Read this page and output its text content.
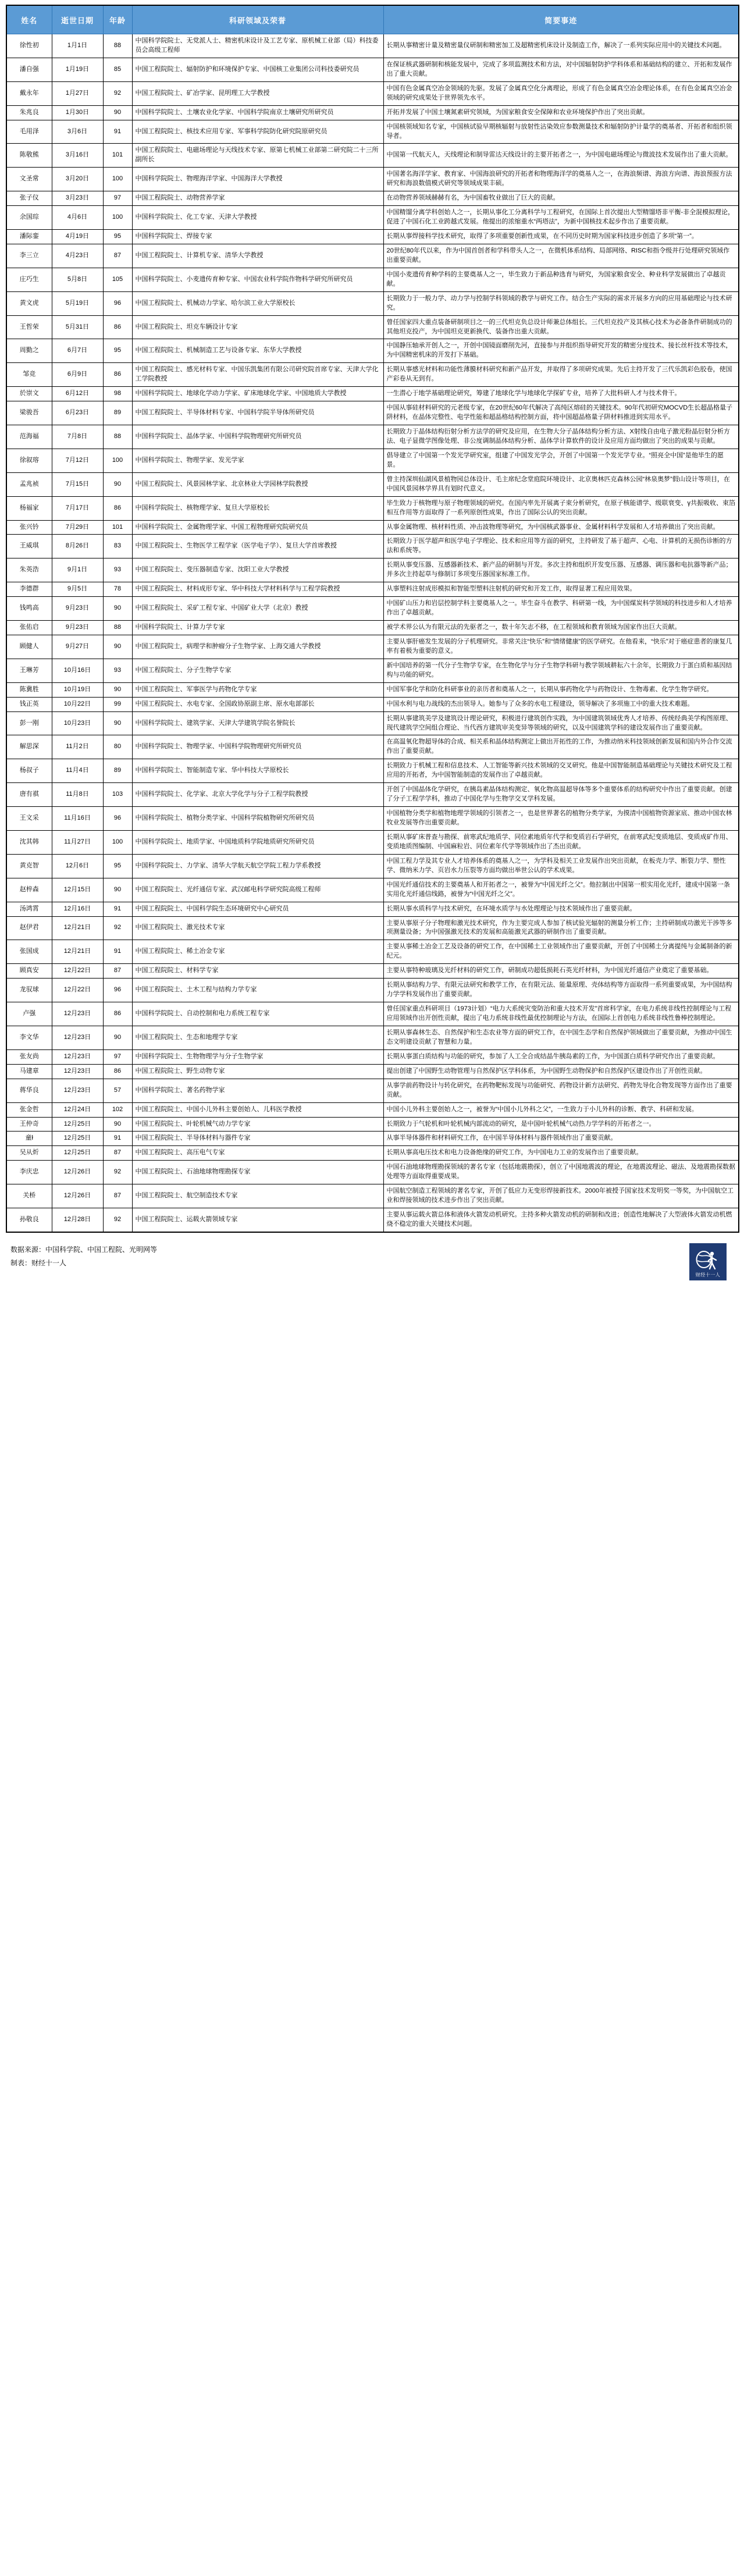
姓名	逝世日期	年龄	科研领域及荣誉	简要事迹
徐性初	1月1日	88	中国科学院院士、无党派人士、精密机床设计及工艺专家、原机械工业部（局）科技委员会高级工程师	长期从事精密计量及精密量仪研制和精密加工及超精密机床设计及制造工作，解决了一系列实际应用中的关键技术问题。
潘自强	1月19日	85	中国工程院院士、辐射防护和环境保护专家、中国核工业集团公司科技委研究员	在保证核武器研制和核能发展中，完成了多项监测技术和方法，对中国辐射防护学科体系和基础结构的建立、开拓和发展作出了重大贡献。
戴永年	1月27日	92	中国工程院院士、矿冶学家、昆明理工大学教授	中国有色金属真空冶金领域的先驱。发展了金属真空化分离理论，形成了有色金属真空冶金理论体系，在有色金属真空冶金领域的研究成果处于世界领先水平。
朱兆良	1月30日	90	中国科学院院士、土壤农业化学家、中国科学院南京土壤研究所研究员	开拓并发展了中国土壤氮素研究领域，为国家粮食安全保障和农业环境保护作出了突出贡献。
毛用泽	3月6日	91	中国工程院院士、核技术应用专家、军事科学院防化研究院原研究员	中国核领域知名专家，中国核试验早期核辐射与放射性沾染效应参数测量技术和辐射防护计量学的奠基者、开拓者和组织领导者。
陈敬熊	3月16日	101	中国工程院院士、电磁场理论与天线技术专家、原第七机械工业部第二研究院二十三所副所长	中国第一代航天人，天线理论和制导雷达天线设计的主要开拓者之一，为中国电磁场理论与微波技术发展作出了重大贡献。
文圣常	3月20日	100	中国科学院院士、物理海洋学家、中国海洋大学教授	中国著名海洋学家、教育家、中国海浪研究的开拓者和物理海洋学的奠基人之一，在海浪频谱、海浪方向谱、海浪预报方法研究和海浪数值模式研究等领域成果丰硕。
张子仪	3月23日	97	中国工程院院士、动物营养学家	在动物营养领域赫赫有名，为中国畜牧业做出了巨大的贡献。
余国琮	4月6日	100	中国科学院院士、化工专家、天津大学教授	中国精馏分离学科创始人之一，长期从事化工分离科学与工程研究，在国际上首次提出大型精馏塔非平衡-非全混模拟理论，促进了中国石化工业跨越式发展。他提出的浓缩重水“两塔法”，为新中国核技术起步作出了重要贡献。
潘际銮	4月19日	95	中国科学院院士、焊接专家	长期从事焊接科学技术研究，取得了多项重要创新性成果，在不同历史时期为国家科技进步创造了多项“第一”。
李三立	4月23日	87	中国工程院院士、计算机专家、清华大学教授	20世纪80年代以来，作为中国首创者和学科带头人之一，在微机体系结构、局部网络、RISC和指令级并行处理研究领域作出重要贡献。
庄巧生	5月8日	105	中国科学院院士、小麦遗传育种专家、中国农业科学院作物科学研究所研究员	中国小麦遗传育种学科的主要奠基人之一，毕生致力于新品种选育与研究，为国家粮食安全、种业科学发展做出了卓越贡献。
黄文虎	5月19日	96	中国工程院院士、机械动力学家、哈尔滨工业大学原校长	长期致力于一般力学、动力学与控制学科领域的教学与研究工作。结合生产实际的需求开展多方向的应用基础理论与技术研究。
王哲荣	5月31日	86	中国工程院院士、坦克车辆设计专家	曾任国家四大重点装备研制项目之一的三代坦克负总设计师兼总体组长。三代坦克投产及其核心技术为必备条件研制成功的其他坦克投产，为中国坦克更新换代、装备作出重大贡献。
周勤之	6月7日	95	中国工程院院士、机械制造工艺与设备专家、东华大学教授	中国静压轴承开创人之一，开创中国镜面磨削先河，直接参与并组织指导研究开发的精密分度技术、接长丝杆技术等技术，为中国精密机床的开发打下基础。
邹竞	6月9日	86	中国工程院院士、感光材料专家、中国乐凯集团有限公司研究院首席专家、天津大学化工学院教授	长期从事感光材料和功能性薄膜材料研究和新产品开发，并取得了多项研究成果。先后主持开发了三代乐凯彩色胶卷，使国产彩卷从无到有。
於崇文	6月12日	98	中国科学院院士、地球化学动力学家、矿床地球化学家、中国地质大学教授	一生潜心于地学基础理论研究，筹建了地球化学与地球化学探矿专业，培养了大批科研人才与技术骨干。
梁骏吾	6月23日	89	中国工程院院士、半导体材料专家、中国科学院半导体所研究员	中国从事硅材料研究的元老级专家，在20世纪60年代解决了高纯区熔硅的关键技术。90年代初研究MOCVD生长超晶格量子阱材料，在晶体完整性、电学性能和超晶格结构控制方面，将中国超晶格量子阱材料推进到实用水平。
范海福	7月8日	88	中国科学院院士、晶体学家、中国科学院物理研究所研究员	长期致力于晶体结构衍射分析方法学的研究及应用，在生物大分子晶体结构分析方法、X射线自由电子激光粉晶衍射分析方法、电子显微学图像处理、非公度调制晶体结构分析、晶体学计算软件的设计及应用方面均做出了突出的成果与贡献。
徐叙瑢	7月12日	100	中国科学院院士、物理学家、发光学家	倡导建立了中国第一个发光学研究室，组建了中国发光学会，开创了中国第一个发光学专业。“照亮全中国”是他毕生的愿景。
孟兆祯	7月15日	90	中国工程院院士、风景园林学家、北京林业大学园林学院教授	曾主持深圳仙湖风景植物园总体设计、毛主席纪念堂庭院环境设计、北京奥林匹克森林公园“林泉奥梦”假山设计等项目，在中国风景园林学界具有划时代意义。
杨福家	7月17日	86	中国科学院院士、核物理学家、复旦大学原校长	毕生致力于核物理与原子物理领域的研究。在国内率先开展离子束分析研究，在原子核能谱学、级联衰变、γ共振吸收、束箔相互作用等方面取得了一系列原创性成果，作出了国际公认的突出贡献。
张兴钤	7月29日	101	中国科学院院士、金属物理学家、中国工程物理研究院研究员	从事金属物理、核材料性质、冲击波物理等研究，为中国核武器事业、金属材料科学发展和人才培养做出了突出贡献。
王威琪	8月26日	83	中国工程院院士、生物医学工程学家（医学电子学）、复旦大学首席教授	长期致力于医学超声和医学电子学理论、技术和应用等方面的研究，主持研发了基于超声、心电、计算机的无损伤诊断的方法和系统等。
朱英浩	9月1日	93	中国工程院院士、变压器制造专家、沈阳工业大学教授	长期从事变压器、互感器新技术、新产品的研制与开发。多次主持和组织开发变压器、互感器、调压器和电抗器等新产品；并多次主持起草与修制订多项变压器国家标准工作。
李德群	9月5日	78	中国工程院院士、材料成形专家、华中科技大学材料科学与工程学院教授	从事塑料注射成形模拟和智能型塑料注射机的研究和开发工作，取得显著工程应用效果。
钱鸣高	9月23日	90	中国工程院院士、采矿工程专家、中国矿业大学（北京）教授	中国矿山压力和岩层控制学科主要奠基人之一。毕生奋斗在教学、科研第一线，为中国煤炭科学领域的科技进步和人才培养作出了卓越贡献。
张佑启	9月23日	88	中国科学院院士、计算力学专家	被学术界公认为有限元法的先驱者之一，数十年矢志不移，在工程领域和教育领域为国家作出巨大贡献。
顾健人	9月27日	90	中国工程院院士，病理学和肿瘤分子生物学家、上海交通大学教授	主要从事肝癌发生发展的分子机理研究。非常关注“快乐”和“情绪健康”的医学研究。在他看来，“快乐”对于癌症患者的康复几率有着极为重要的意义。
王琳芳	10月16日	93	中国工程院院士、分子生物学专家	新中国培养的第一代分子生物学专家，在生物化学与分子生物学科研与教学领域耕耘六十余年，长期致力于蛋白质和基因结构与功能的研究。
陈冀胜	10月19日	90	中国工程院院士、军事医学与药物化学专家	中国军事化学和防化科研事业的亲历者和奠基人之一，长期从事药物化学与药物设计、生物毒素、化学生物学研究。
钱正英	10月22日	99	中国工程院院士、水电专家、全国政协原副主席、原水电部部长	中国水利与电力战线的杰出领导人。她参与了众多的水电工程建设，领导解决了多项施工中的重大技术难题。
彭一刚	10月23日	90	中国科学院院士、建筑学家、天津大学建筑学院名誉院长	长期从事建筑美学及建筑设计理论研究，积极进行建筑创作实践，为中国建筑领域优秀人才培养、传统经典美学构图原理、现代建筑学空间组合理论、当代西方建筑审美变异等领域的研究，以及中国建筑学科的建设发展作出了重要贡献。
解思深	11月2日	80	中国科学院院士、物理学家、中国科学院物理研究所研究员	在高温氧化物超导体的合成、相关系和晶体结构测定上做出开拓性的工作，为推动纳米科技领域创新发展和国内外合作交流作出了重要贡献。
杨叔子	11月4日	89	中国科学院院士、智能制造专家、华中科技大学原校长	长期致力于机械工程和信息技术、人工智能等新兴技术领域的交叉研究。他是中国智能制造基础理论与关键技术研究及工程应用的开拓者，为中国智能制造的发展作出了卓越贡献。
唐有祺	11月8日	103	中国科学院院士、化学家、北京大学化学与分子工程学院教授	开创了中国晶体化学研究，在胰岛素晶体结构测定、氧化物高温超导体等多个重要体系的结构研究中作出了重要贡献。创建了分子工程学学科，推动了中国化学与生物学交叉学科发展。
王文采	11月16日	96	中国科学院院士、植物分类学家、中国科学院植物研究所研究员	中国植物分类学和植物地理学领域的引领者之一，也是世界著名的植物分类学家，为摸清中国植物资源家底、推动中国农林牧业发展等作出重要贡献。
沈其韩	11月27日	100	中国科学院院士、地质学家、中国地质科学院地质研究所研究员	长期从事矿床普查与勘探、前寒武纪地质学、同位素地质年代学和变质岩石学研究，在前寒武纪变质地层、变质成矿作用、变质地质图编制、中国麻粒岩、同位素年代学等领域作出了杰出贡献。
黄克智	12月6日	95	中国科学院院士、力学家、清华大学航天航空学院工程力学系教授	中国工程力学及其专业人才培养体系的奠基人之一，为学科及相关工业发展作出突出贡献，在板壳力学、断裂力学、塑性学、微纳米力学、页岩水力压裂等方面均做出举世公认的学术成果。
赵梓森	12月15日	90	中国工程院院士、光纤通信专家、武汉邮电科学研究院高级工程师	中国光纤通信技术的主要奠基人和开拓者之一，被誉为“中国光纤之父”。他拉制出中国第一根实用化光纤，建成中国第一条实用化光纤通信线路，被誉为“中国光纤之父”。
汤鸿霄	12月16日	91	中国工程院院士、中国科学院生态环境研究中心研究员	长期从事水质科学与技术研究，在环境水质学与水处理理论与技术领域作出了重要贡献。
赵伊君	12月21日	92	中国工程院院士、激光技术专家	主要从事原子分子物理和激光技术研究，作为主要完成人参加了核试验光辐射的测量分析工作；主持研制成功激光干涉等多项测量设备；为中国强激光技术的发展和高能激光武器的研制作出了重要贡献。
张国成	12月21日	91	中国工程院院士、稀土冶金专家	主要从事稀土冶金工艺及设备的研究工作，在中国稀土工业领域作出了重要贡献，开创了中国稀土分离提纯与金属制备的新纪元。
顾真安	12月22日	87	中国工程院院士、材料学专家	主要从事特种玻璃及光纤材料的研究工作，研制成功超低损耗石英光纤材料，为中国光纤通信产业奠定了重要基础。
龙驭球	12月22日	96	中国工程院院士、土木工程与结构力学专家	长期从事结构力学、有限元法研究和教学工作，在有限元法、能量原理、壳体结构等方面取得一系列重要成果，为中国结构力学学科发展作出了重要贡献。
卢强	12月23日	86	中国科学院院士、自动控制和电力系统工程专家	曾任国家重点科研项目（1973计划）“电力大系统灾变防治和重大技术开发”首席科学家，在电力系统非线性控制理论与工程应用领域作出开创性贡献，提出了电力系统非线性最优控制理论与方法，在国际上首创电力系统非线性鲁棒控制理论。
李文华	12月23日	90	中国工程院院士、生态和地理学专家	长期从事森林生态、自然保护和生态农业等方面的研究工作，在中国生态学和自然保护领域做出了重要贡献，为推动中国生态文明建设贡献了智慧和力量。
张友尚	12月23日	97	中国科学院院士、生物物理学与分子生物学家	长期从事蛋白质结构与功能的研究，参加了人工全合成结晶牛胰岛素的工作，为中国蛋白质科学研究作出了重要贡献。
马建章	12月23日	86	中国工程院院士、野生动物专家	提出创建了中国野生动物管理与自然保护区学科体系，为中国野生动物保护和自然保护区建设作出了开创性贡献。
蒋华良	12月23日	57	中国科学院院士、著名药物学家	从事学前药物设计与转化研究，在药物靶标发现与功能研究、药物设计新方法研究、药物先导化合物发现等方面作出了重要贡献。
张金哲	12月24日	102	中国工程院院士、中国小儿外科主要创始人、儿科医学教授	中国小儿外科主要创始人之一，被誉为“中国小儿外科之父”，一生致力于小儿外科的诊断、教学、科研和发展。
王仲奇	12月25日	90	中国工程院院士、叶轮机械气动力学专家	长期致力于气轮机和叶轮机械内部流动的研究，是中国叶轮机械气动热力学学科的开拓者之一。
童ł	12月25日	91	中国工程院院士、半导体材料与器件专家	从事半导体器件和材料研究工作，在中国半导体材料与器件领域作出了重要贡献。
吴从炘	12月25日	87	中国工程院院士、高压电气专家	长期从事高电压技术和电力设备绝缘的研究工作，为中国电力工业的发展作出了重要贡献。
李庆忠	12月26日	92	中国工程院院士、石油地球物理勘探专家	中国石油地球物理勘探领域的著名专家（包括地震勘探），创立了中国地震波的理论，在地震波理论、磁法、及地震勘探数据处理等方面取得重要成果。
关桥	12月26日	87	中国工程院院士、航空制造技术专家	中国航空制造工程领域的著名专家，开创了低应力无变形焊接新技术。2000年被授予国家技术发明奖一等奖，为中国航空工业和焊接领域的技术进步作出了突出贡献。
孙敬良	12月28日	92	中国工程院院士、运载火箭领域专家	主要从事运载火箭总体和液体火箭发动机研究。主持多种火箭发动机的研制和改进；创造性地解决了大型液体火箭发动机燃烧不稳定的重大关键技术问题。
数据来源：中国科学院、中国工程院、光明网等
制表：财经十一人
财经十一人
